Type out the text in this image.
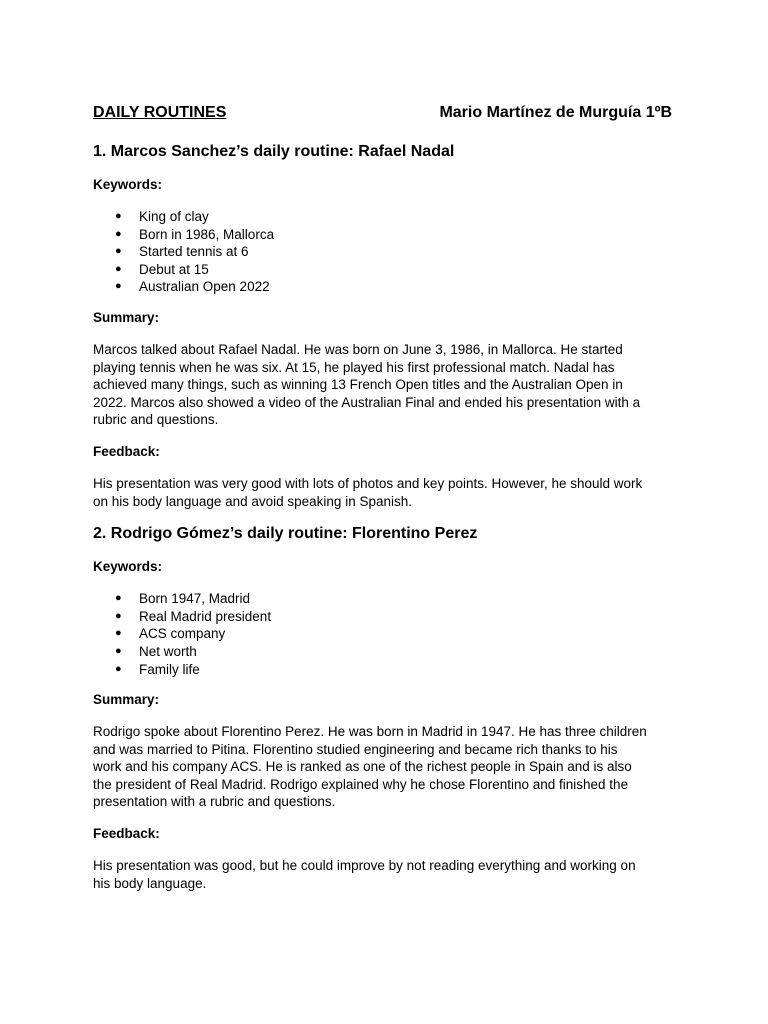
DAILY ROUTINES	Mario Martínez de Murguía 1ºB
1. Marcos Sanchez’s daily routine: Rafael Nadal
Keywords:
● King of clay
● Born in 1986, Mallorca
● Started tennis at 6
● Debut at 15
● Australian Open 2022
Summary:

Marcos talked about Rafael Nadal. He was born on June 3, 1986, in Mallorca. He started
playing tennis when he was six. At 15, he played his first professional match. Nadal has
achieved many things, such as winning 13 French Open titles and the Australian Open in
2022. Marcos also showed a video of the Australian Final and ended his presentation with a
rubric and questions.

Feedback:

His presentation was very good with lots of photos and key points. However, he should work
on his body language and avoid speaking in Spanish.

2. Rodrigo Gómez’s daily routine: Florentino Perez
Keywords:
● Born 1947, Madrid
● Real Madrid president
● ACS company
● Net worth
● Family life
Summary:

Rodrigo spoke about Florentino Perez. He was born in Madrid in 1947. He has three children
and was married to Pitina. Florentino studied engineering and became rich thanks to his
work and his company ACS. He is ranked as one of the richest people in Spain and is also
the president of Real Madrid. Rodrigo explained why he chose Florentino and finished the
presentation with a rubric and questions.

Feedback:

His presentation was good, but he could improve by not reading everything and working on
his body language.
